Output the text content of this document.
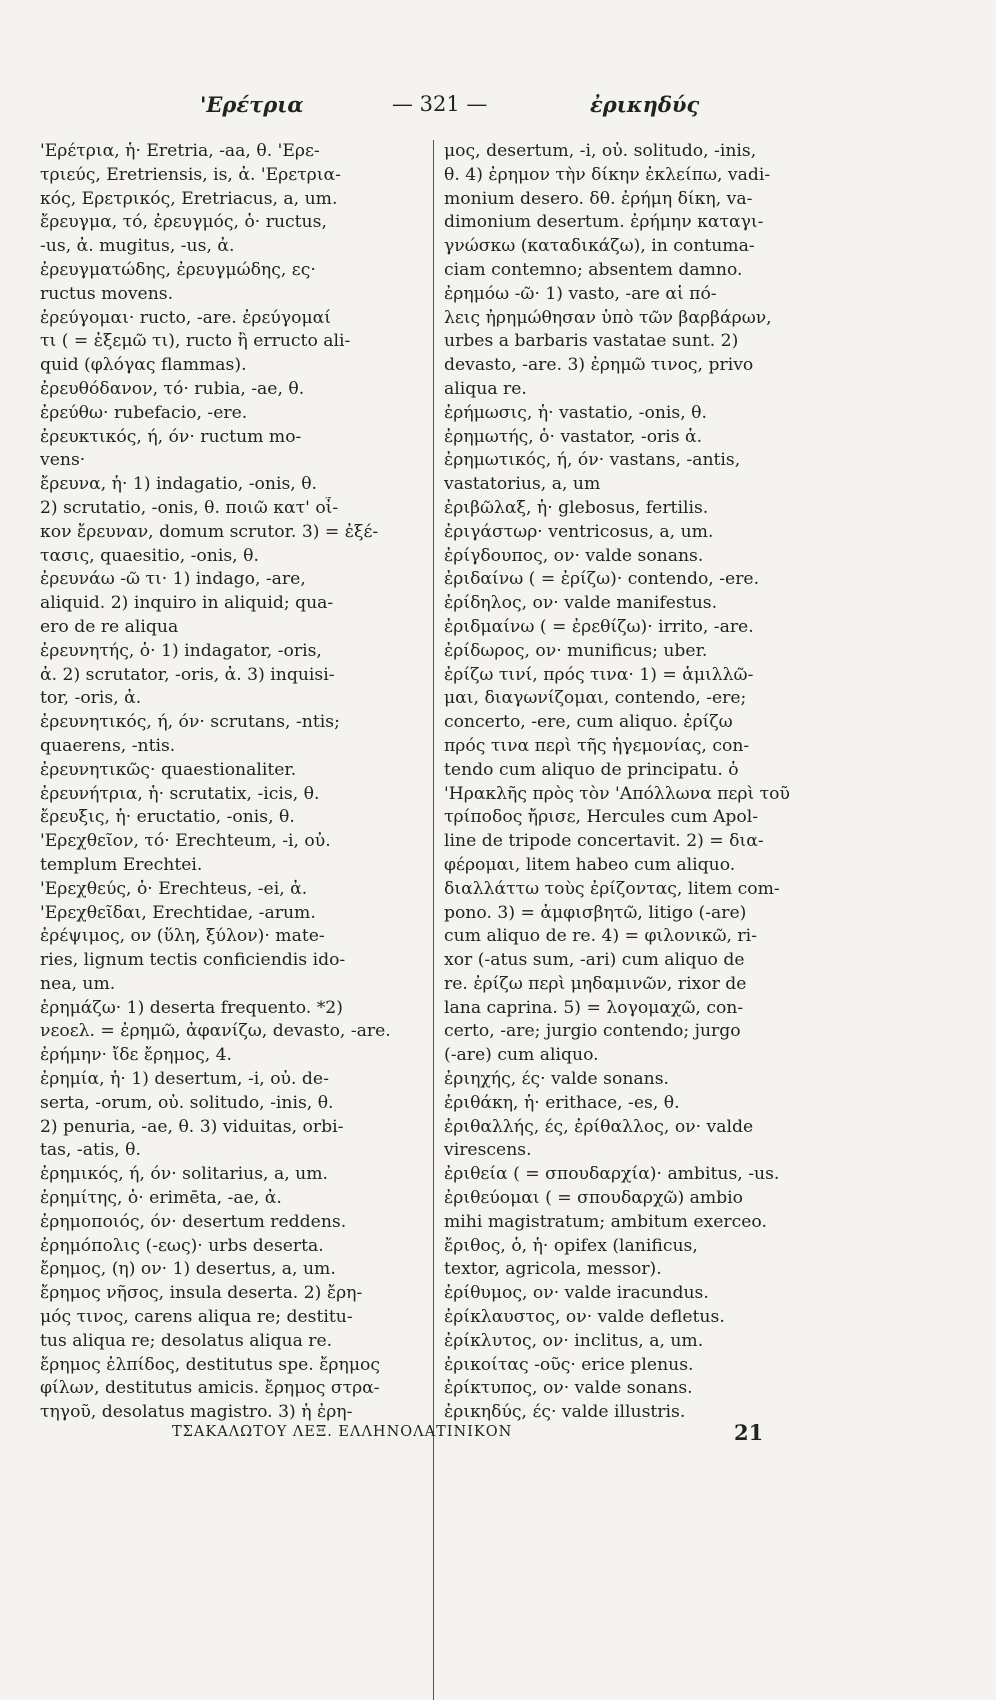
'Ερέτρια	— 321 —	ἐρικηδύς
'Ερέτρια, ἡ· Eretria, -aa, θ. 'Ερε-
τριεύς, Eretriensis, is, ἀ. 'Ερετρια-
κός, Ερετρικός, Eretriacus, a, um.
ἔρευγμα, τό, ἐρευγμός, ὁ· ructus,
-us, ἀ. mugitus, -us, ἀ.
ἐρευγματώδης, ἐρευγμώδης, ες·
ructus movens.
ἐρεύγομαι· ructo, -are. ἐρεύγομαί
τι ( = ἐξεμῶ τι), ructo ἢ erructo ali-
quid (φλόγας flammas).
ἐρευθόδανον, τό· rubia, -ae, θ.
ἐρεύθω· rubefacio, -ere.
ἐρευκτικός, ή, όν· ructum mo-
vens·
ἔρευνα, ἡ· 1) indagatio, -onis, θ.
2) scrutatio, -onis, θ. ποιῶ κατ' οἶ-
κον ἔρευναν, domum scrutor. 3) = ἐξέ-
τασις, quaesitio, -onis, θ.
ἐρευνάω -ῶ τι· 1) indago, -are,
aliquid. 2) inquiro in aliquid; qua-
ero de re aliqua
ἐρευνητής, ὁ· 1) indagator, -oris,
ἀ. 2) scrutator, -oris, ἀ. 3) inquisi-
tor, -oris, ἀ.
ἐρευνητικός, ή, όν· scrutans, -ntis;
quaerens, -ntis.
ἐρευνητικῶς· quaestionaliter.
ἐρευνήτρια, ἡ· scrutatix, -icis, θ.
ἔρευξις, ἡ· eructatio, -onis, θ.
'Ερεχθεῖον, τό· Erechteum, -i, οὐ.
templum Erechtei.
'Ερεχθεύς, ὁ· Erechteus, -ei, ἀ.
'Ερεχθεῖδαι, Erechtidae, -arum.
ἐρέψιμος, ον (ὕλη, ξύλον)· mate-
ries, lignum tectis conficiendis ido-
nea, um.
ἐρημάζω· 1) deserta frequento. *2)
νεοελ. = ἐρημῶ, ἀφανίζω, devasto, -are.
ἐρήμην· ἴδε ἔρημος, 4.
ἐρημία, ἡ· 1) desertum, -i, οὐ. de-
serta, -orum, οὐ. solitudo, -inis, θ.
2) penuria, -ae, θ. 3) viduitas, orbi-
tas, -atis, θ.
ἐρημικός, ή, όν· solitarius, a, um.
ἐρημίτης, ὁ· erimēta, -ae, ἀ.
ἐρημοποιός, όν· desertum reddens.
ἐρημόπολις (-εως)· urbs deserta.
ἔρημος, (η) ον· 1) desertus, a, um.
ἔρημος νῆσος, insula deserta. 2) ἔρη-
μός τινος, carens aliqua re; destitu-
tus aliqua re; desolatus aliqua re.
ἔρημος ἐλπίδος, destitutus spe. ἔρημος
φίλων, destitutus amicis. ἔρημος στρα-
τηγοῦ, desolatus magistro. 3) ἡ ἐρη-
μος, desertum, -i, οὐ. solitudo, -inis,
θ. 4) ἐρημον τὴν δίκην ἐκλείπω, vadi-
monium desero. δθ. ἐρήμη δίκη, va-
dimonium desertum. ἐρήμην καταγι-
γνώσκω (καταδικάζω), in contuma-
ciam contemno; absentem damno.
ἐρημόω -ῶ· 1) vasto, -are αἱ πό-
λεις ἠρημώθησαν ὑπὸ τῶν βαρβάρων,
urbes a barbaris vastatae sunt. 2)
devasto, -are. 3) ἐρημῶ τινος, privo
aliqua re.
ἐρήμωσις, ἡ· vastatio, -onis, θ.
ἐρημωτής, ὁ· vastator, -oris ἀ.
ἐρημωτικός, ή, όν· vastans, -antis,
vastatorius, a, um
ἐριβῶλαξ, ἡ· glebosus, fertilis.
ἐριγάστωρ· ventricosus, a, um.
ἐρίγδουπος, ον· valde sonans.
ἐριδαίνω ( = ἐρίζω)· contendo, -ere.
ἐρίδηλος, ον· valde manifestus.
ἐριδμαίνω ( = ἐρεθίζω)· irrito, -are.
ἐρίδωρος, ον· munificus; uber.
ἐρίζω τινί, πρός τινα· 1) = ἁμιλλῶ-
μαι, διαγωνίζομαι, contendo, -ere;
concerto, -ere, cum aliquo. ἐρίζω
πρός τινα περὶ τῆς ἡγεμονίας, con-
tendo cum aliquo de principatu. ὁ
'Ηρακλῆς πρὸς τὸν 'Απόλλωνα περὶ τοῦ
τρίποδος ἤρισε, Hercules cum Apol-
line de tripode concertavit. 2) = δια-
φέρομαι, litem habeo cum aliquo.
διαλλάττω τοὺς ἐρίζοντας, litem com-
pono. 3) = ἀμφισβητῶ, litigo (-are)
cum aliquo de re. 4) = φιλονικῶ, ri-
xor (-atus sum, -ari) cum aliquo de
re. ἐρίζω περὶ μηδαμινῶν, rixor de
lana caprina. 5) = λογομαχῶ, con-
certo, -are; jurgio contendo; jurgo
(-are) cum aliquo.
ἐριηχής, ές· valde sonans.
ἐριθάκη, ἡ· erithace, -es, θ.
ἐριθαλλής, ές, ἐρίθαλλος, ον· valde
virescens.
ἐριθεία ( = σπουδαρχία)· ambitus, -us.
ἐριθεύομαι ( = σπουδαρχῶ) ambio
mihi magistratum; ambitum exerceo.
ἔριθος, ὁ, ἡ· opifex (lanificus,
textor, agricola, messor).
ἐρίθυμος, ον· valde iracundus.
ἐρίκλαυστος, ον· valde defletus.
ἐρίκλυτος, ον· inclitus, a, um.
ἐρικοίτας -οῦς· erice plenus.
ἐρίκτυπος, ον· valde sonans.
ἐρικηδύς, ές· valde illustris.
ΤΣΑΚΑΛΩΤΟΥ ΛΕΞ. ΕΛΛΗΝΟΛΑΤΙΝΙΚΟΝ	21
